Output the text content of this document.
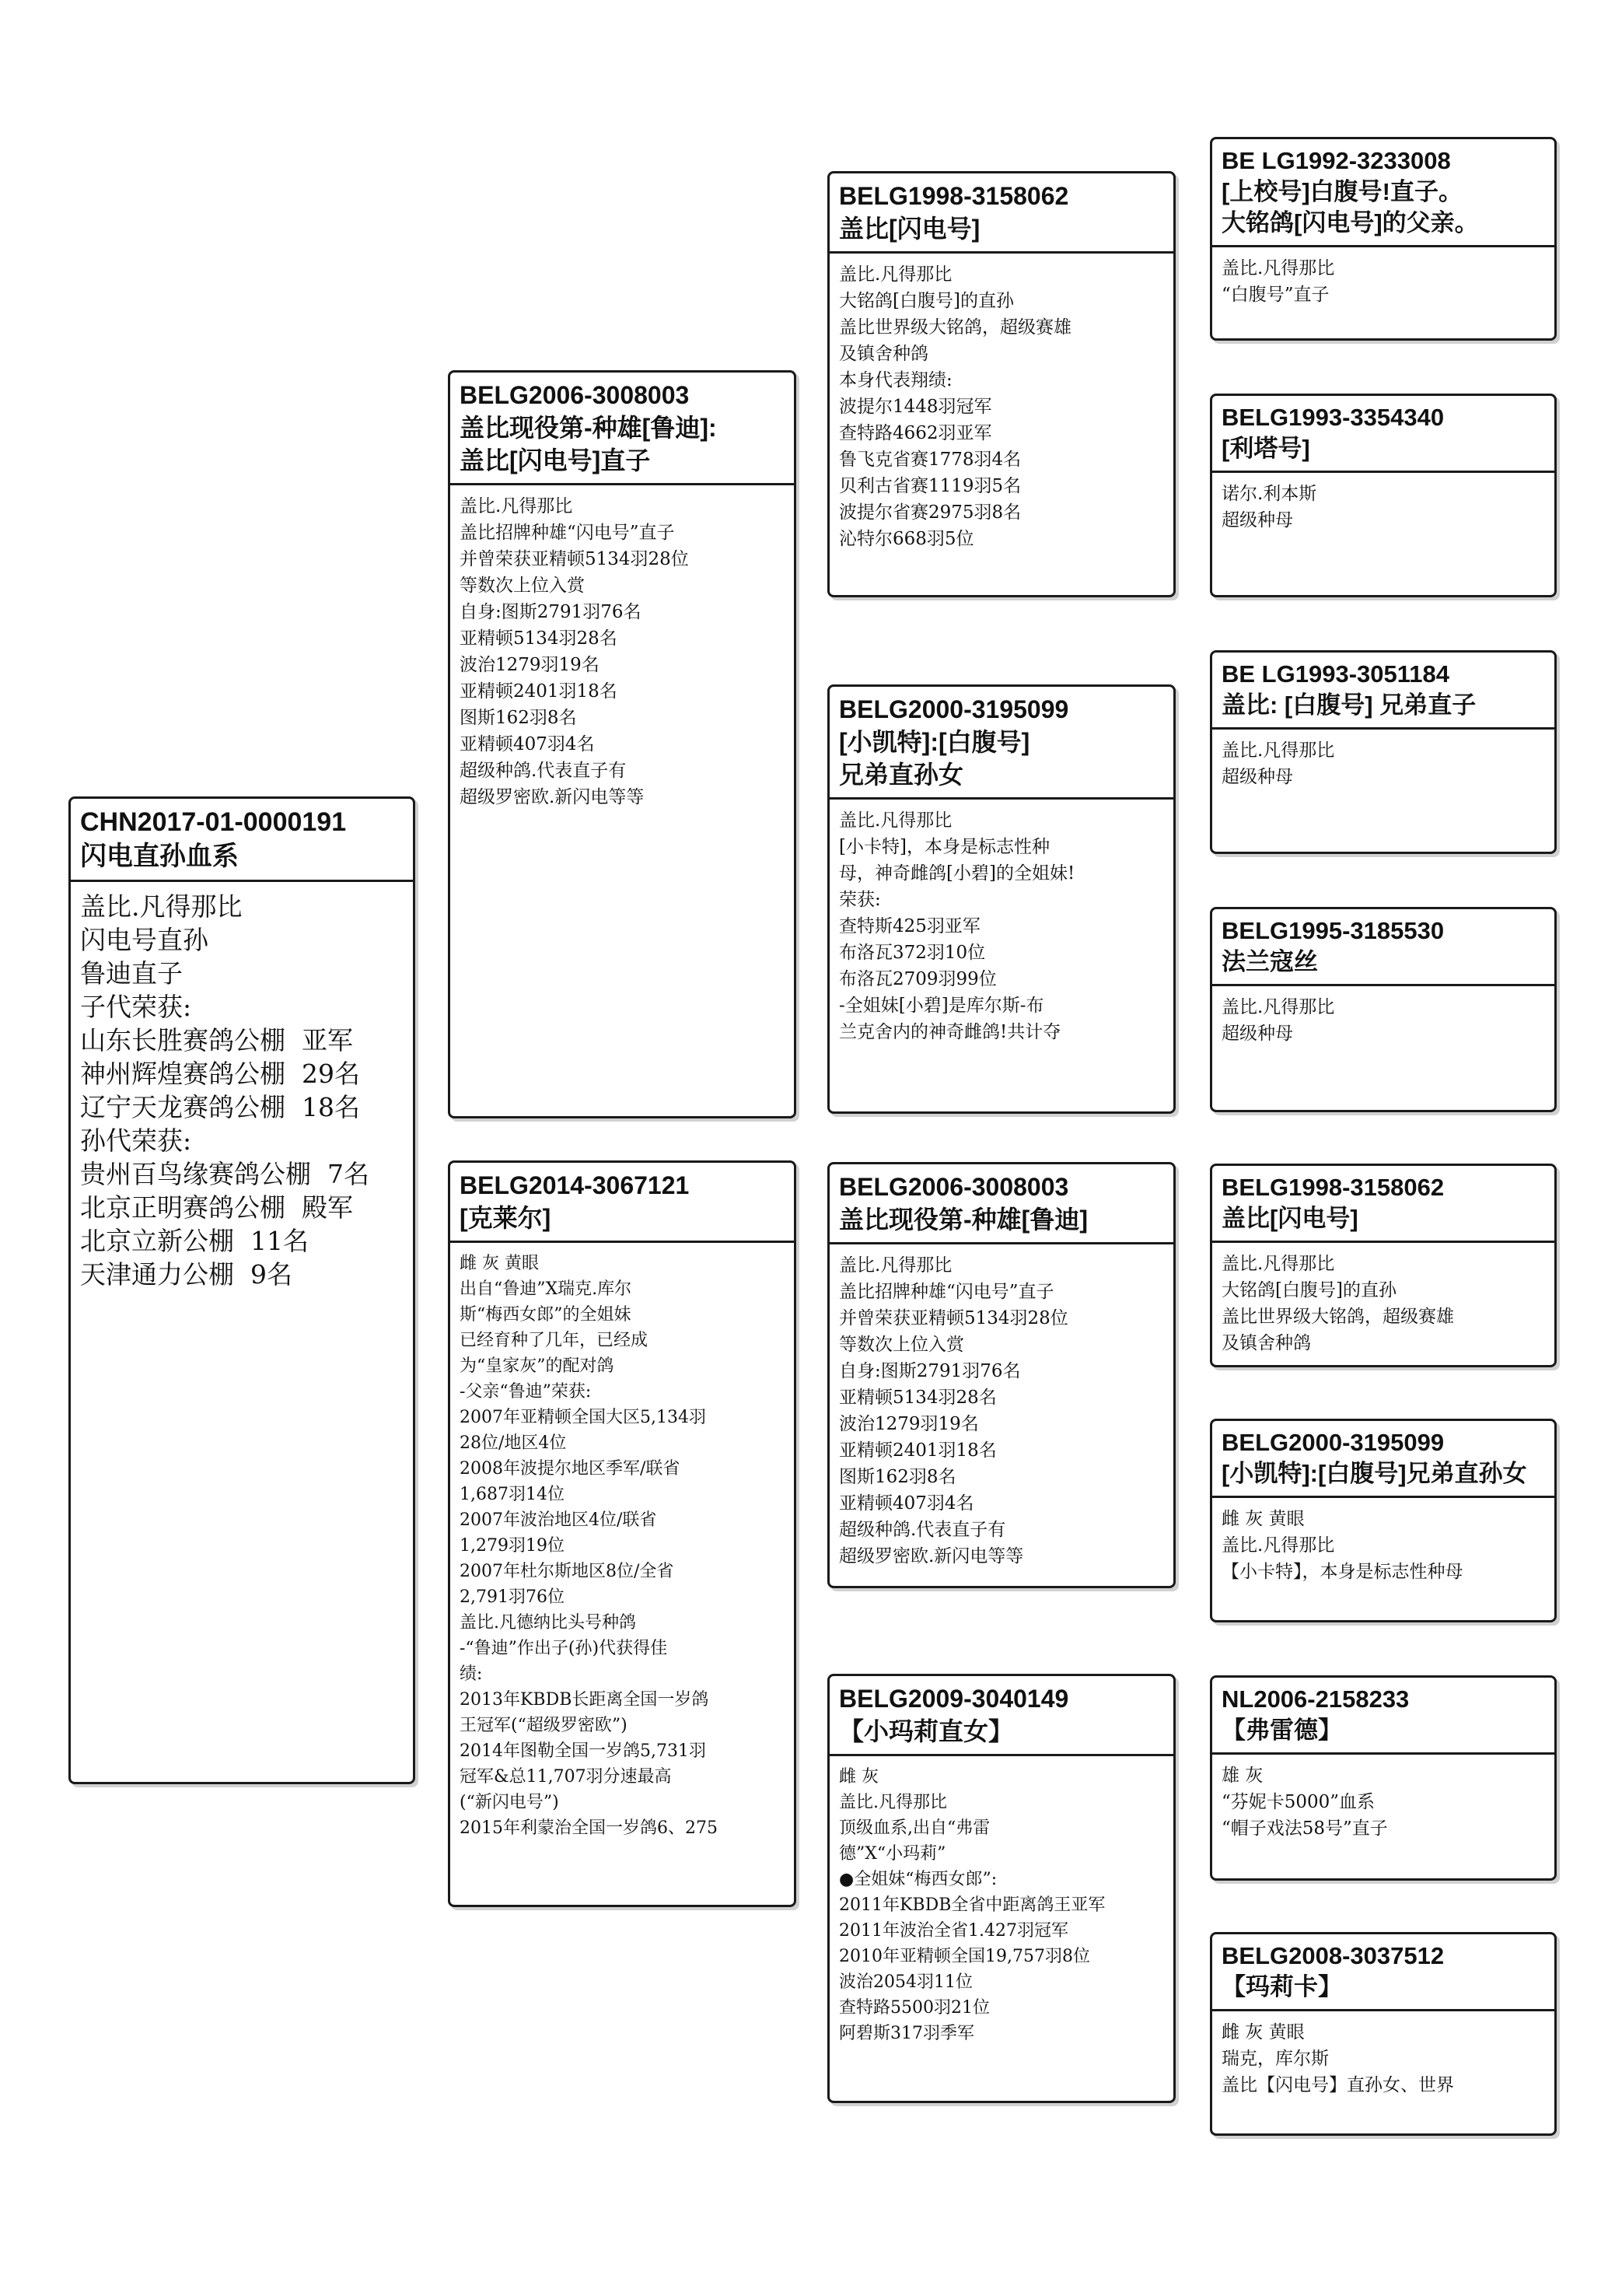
CHN2017-01-0000191
闪电直孙血系
盖比.凡得那比
闪电号直孙
鲁迪直子
子代荣获:
山东长胜赛鸽公棚  亚军
神州辉煌赛鸽公棚  29名
辽宁天龙赛鸽公棚  18名
孙代荣获:
贵州百鸟缘赛鸽公棚  7名
北京正明赛鸽公棚  殿军
北京立新公棚  11名
天津通力公棚  9名
BELG2006-3008003
盖比现役第-种雄[鲁迪]:
盖比[闪电号]直子
盖比.凡得那比
盖比招牌种雄“闪电号”直子
并曾荣获亚精顿5134羽28位
等数次上位入赏
自身:图斯2791羽76名
亚精顿5134羽28名
波治1279羽19名
亚精顿2401羽18名
图斯162羽8名
亚精顿407羽4名
超级种鸽.代表直子有
超级罗密欧.新闪电等等
BELG2014-3067121
[克莱尔]
雌 灰 黄眼
出自“鲁迪”X瑞克.库尔
斯“梅西女郎”的全姐妹
已经育种了几年，已经成
为“皇家灰”的配对鸽
-父亲“鲁迪”荣获:
2007年亚精顿全国大区5,134羽
28位/地区4位
2008年波提尔地区季军/联省
1,687羽14位
2007年波治地区4位/联省
1,279羽19位
2007年杜尔斯地区8位/全省
2,791羽76位
盖比.凡德纳比头号种鸽
-“鲁迪”作出子(孙)代获得佳
绩:
2013年KBDB长距离全国一岁鸽
王冠军(“超级罗密欧”)
2014年图勒全国一岁鸽5,731羽
冠军&总11,707羽分速最高
(“新闪电号”)
2015年利蒙治全国一岁鸽6、275
BELG1998-3158062
盖比[闪电号]
盖比.凡得那比
大铭鸽[白腹号]的直孙
盖比世界级大铭鸽，超级赛雄
及镇舍种鸽
本身代表翔绩:
波提尔1448羽冠军
查特路4662羽亚军
鲁飞克省赛1778羽4名
贝利古省赛1119羽5名
波提尔省赛2975羽8名
沁特尔668羽5位
BELG2000-3195099
[小凯特]:[白腹号]
兄弟直孙女
盖比.凡得那比
[小卡特]，本身是标志性种
母，神奇雌鸽[小碧]的全姐妹!
荣获:
查特斯425羽亚军
布洛瓦372羽10位
布洛瓦2709羽99位
-全姐妹[小碧]是库尔斯-布
兰克舍内的神奇雌鸽!共计夺
BELG2006-3008003
盖比现役第-种雄[鲁迪]
盖比.凡得那比
盖比招牌种雄“闪电号”直子
并曾荣获亚精顿5134羽28位
等数次上位入赏
自身:图斯2791羽76名
亚精顿5134羽28名
波治1279羽19名
亚精顿2401羽18名
图斯162羽8名
亚精顿407羽4名
超级种鸽.代表直子有
超级罗密欧.新闪电等等
BELG2009-3040149
【小玛莉直女】
雌 灰
盖比.凡得那比
顶级血系,出自“弗雷
德”X“小玛莉”
●全姐妹“梅西女郎”:
2011年KBDB全省中距离鸽王亚军
2011年波治全省1.427羽冠军
2010年亚精顿全国19,757羽8位
波治2054羽11位
查特路5500羽21位
阿碧斯317羽季军
BE LG1992-3233008
[上校号]白腹号!直子。
大铭鸽[闪电号]的父亲。
盖比.凡得那比
“白腹号”直子
BELG1993-3354340
[利塔号]
诺尔.利本斯
超级种母
BE LG1993-3051184
盖比: [白腹号] 兄弟直子
盖比.凡得那比
超级种母
BELG1995-3185530
法兰寇丝
盖比.凡得那比
超级种母
BELG1998-3158062
盖比[闪电号]
盖比.凡得那比
大铭鸽[白腹号]的直孙
盖比世界级大铭鸽，超级赛雄
及镇舍种鸽
BELG2000-3195099
[小凯特]:[白腹号]兄弟直孙女
雌 灰 黄眼
盖比.凡得那比
【小卡特】，本身是标志性种母
NL2006-2158233
【弗雷德】
雄 灰
“芬妮卡5000”血系
“帽子戏法58号”直子
BELG2008-3037512
【玛莉卡】
雌 灰 黄眼
瑞克，库尔斯
盖比【闪电号】直孙女、世界
